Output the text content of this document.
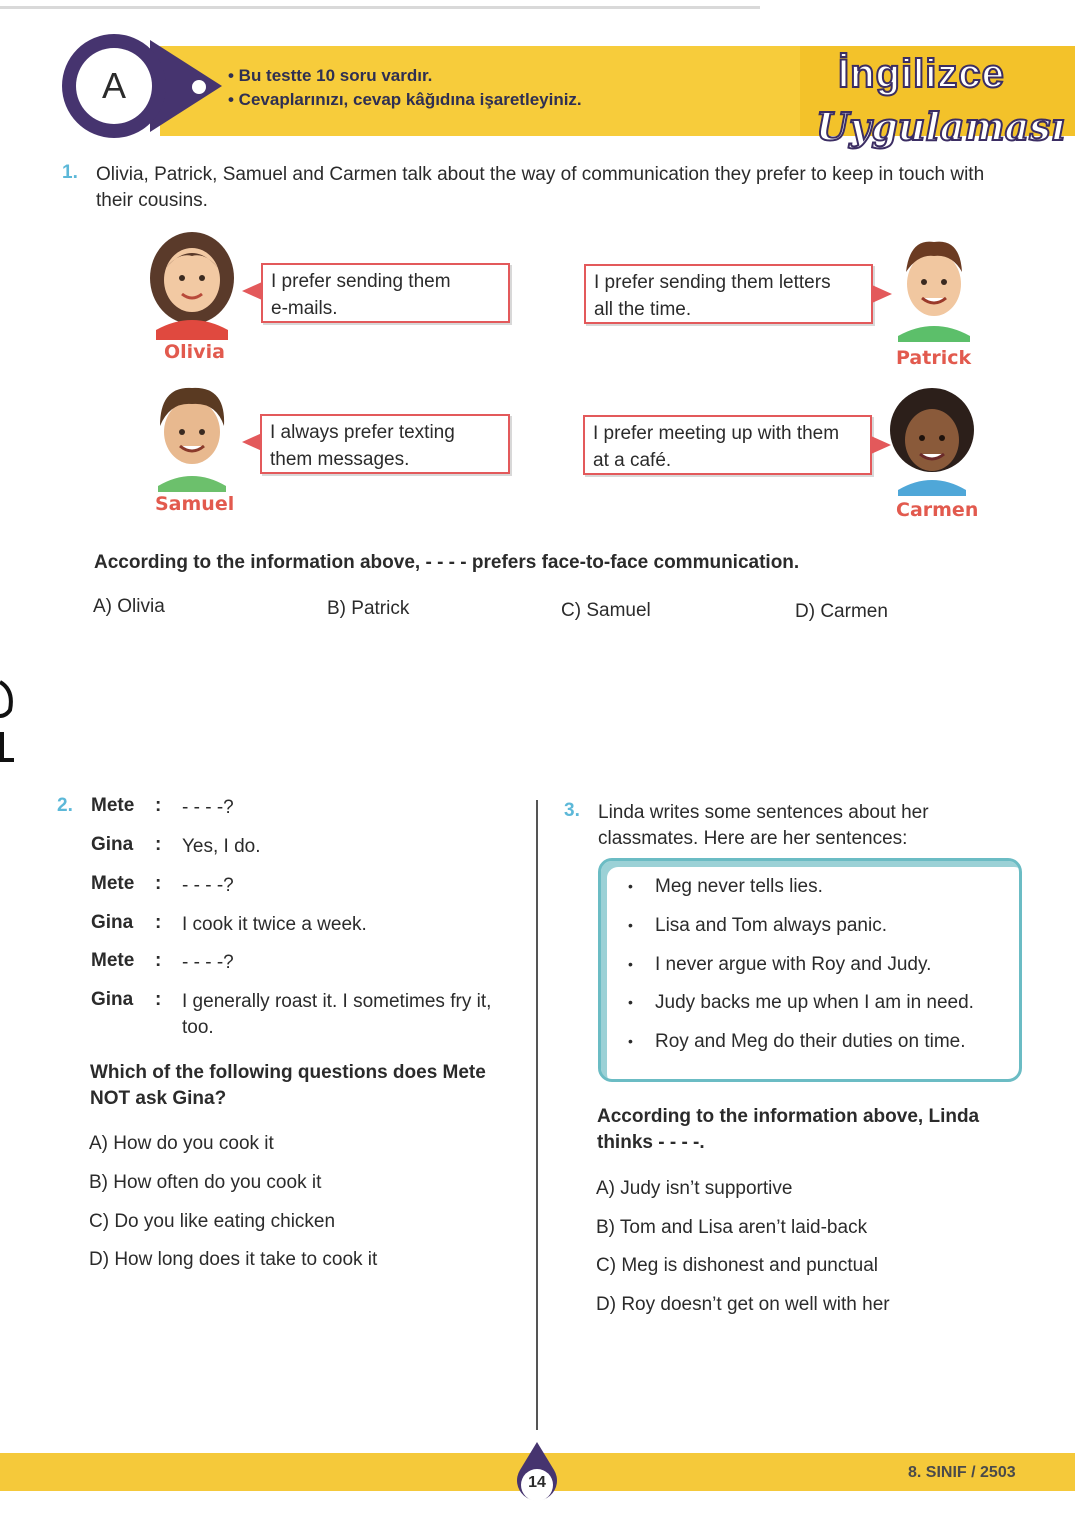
A	• Bu testte 10 soru vardır.
• Cevaplarınızı, cevap kâğıdına işaretleyiniz.
İngilizce
Uygulaması
1. Olivia, Patrick, Samuel and Carmen talk about the way of communication they prefer to keep in touch with
their cousins.
Olivia
I prefer sending them
e-mails.
I prefer sending them letters
all the time.
Patrick
Samuel
I always prefer texting
them messages.
I prefer meeting up with them
at a café.
Carmen
According to the information above, - - - - prefers face-to-face communication.
A) Olivia	B) Patrick	C) Samuel	D) Carmen
2. Mete : - - - -?
Gina : Yes, I do.
Mete : - - - -?
Gina : I cook it twice a week.
Mete : - - - -?
Gina : I generally roast it. I sometimes fry it,
too.
Which of the following questions does Mete
NOT ask Gina?
A) How do you cook it
B) How often do you cook it
C) Do you like eating chicken
D) How long does it take to cook it
3. Linda writes some sentences about her
classmates. Here are her sentences:
• Meg never tells lies.
• Lisa and Tom always panic.
• I never argue with Roy and Judy.
• Judy backs me up when I am in need.
• Roy and Meg do their duties on time.
According to the information above, Linda
thinks - - - -.
A) Judy isn’t supportive
B) Tom and Lisa aren’t laid-back
C) Meg is dishonest and punctual
D) Roy doesn’t get on well with her
14
8. SINIF / 2503
